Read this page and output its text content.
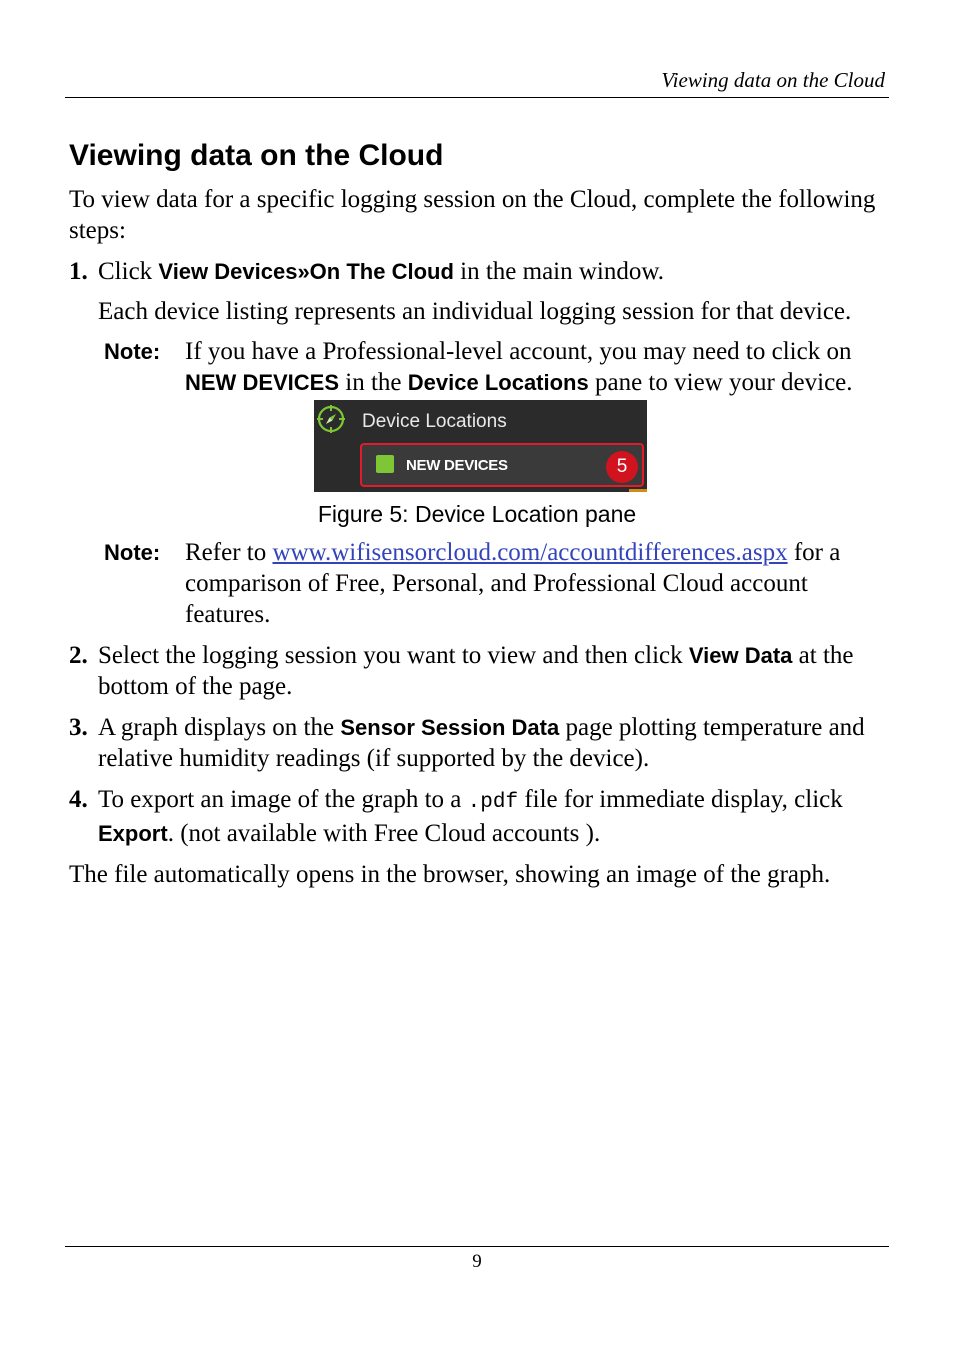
Viewing data on the Cloud
Viewing data on the Cloud

To view data for a specific logging session on the Cloud, complete the following steps:

1. Click View Devices»On The Cloud in the main window.

Each device listing represents an individual logging session for that device.

Note: If you have a Professional-level account, you may need to click on NEW DEVICES in the Device Locations pane to view your device.
Device Locations
NEW DEVICES	5
Figure 5: Device Location pane
Note: Refer to www.wifisensorcloud.com/accountdifferences.aspx for a comparison of Free, Personal, and Professional Cloud account features.
2. Select the logging session you want to view and then click View Data at the bottom of the page.
3. A graph displays on the Sensor Session Data page plotting temperature and relative humidity readings (if supported by the device).
4. To export an image of the graph to a .pdf file for immediate display, click Export. (not available with Free Cloud accounts ).

The file automatically opens in the browser, showing an image of the graph.

9
